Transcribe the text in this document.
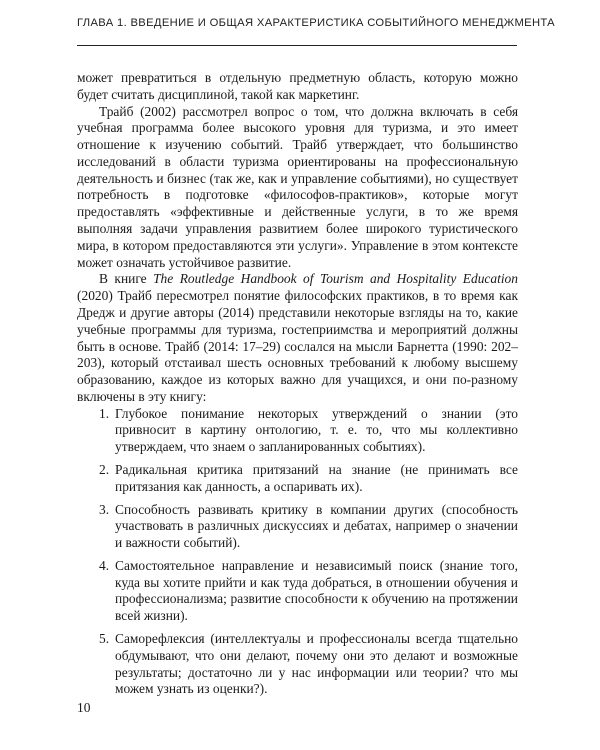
ГЛАВА 1. ВВЕДЕНИЕ И ОБЩАЯ ХАРАКТЕРИСТИКА СОБЫТИЙНОГО МЕНЕДЖМЕНТА

может превратиться в отдельную предметную область, которую можно будет считать дисциплиной, такой как маркетинг.

Трайб (2002) рассмотрел вопрос о том, что должна включать в себя учебная программа более высокого уровня для туризма, и это имеет отношение к изучению событий. Трайб утверждает, что большинство исследований в области туризма ориентированы на профессиональную деятельность и бизнес (так же, как и управление событиями), но существует потребность в подготовке «философов-практиков», которые могут предоставлять «эффективные и действенные услуги, в то же время выполняя задачи управления развитием более широкого туристического мира, в котором предоставляются эти услуги». Управление в этом контексте может означать устойчивое развитие.

В книге The Routledge Handbook of Tourism and Hospitality Education (2020) Трайб пересмотрел понятие философских практиков, в то время как Дредж и другие авторы (2014) представили некоторые взгляды на то, какие учебные программы для туризма, гостеприимства и мероприятий должны быть в основе. Трайб (2014: 17–29) сослался на мысли Барнетта (1990: 202–203), который отстаивал шесть основных требований к любому высшему образованию, каждое из которых важно для учащихся, и они по-разному включены в эту книгу:

1. Глубокое понимание некоторых утверждений о знании (это привносит в картину онтологию, т. е. то, что мы коллективно утверждаем, что знаем о запланированных событиях).
2. Радикальная критика притязаний на знание (не принимать все притязания как данность, а оспаривать их).
3. Способность развивать критику в компании других (способность участвовать в различных дискуссиях и дебатах, например о значении и важности событий).
4. Самостоятельное направление и независимый поиск (знание того, куда вы хотите прийти и как туда добраться, в отношении обучения и профессионализма; развитие способности к обучению на протяжении всей жизни).
5. Саморефлексия (интеллектуалы и профессионалы всегда тщательно обдумывают, что они делают, почему они это делают и возможные результаты; достаточно ли у нас информации или теории? что мы можем узнать из оценки?).
10
